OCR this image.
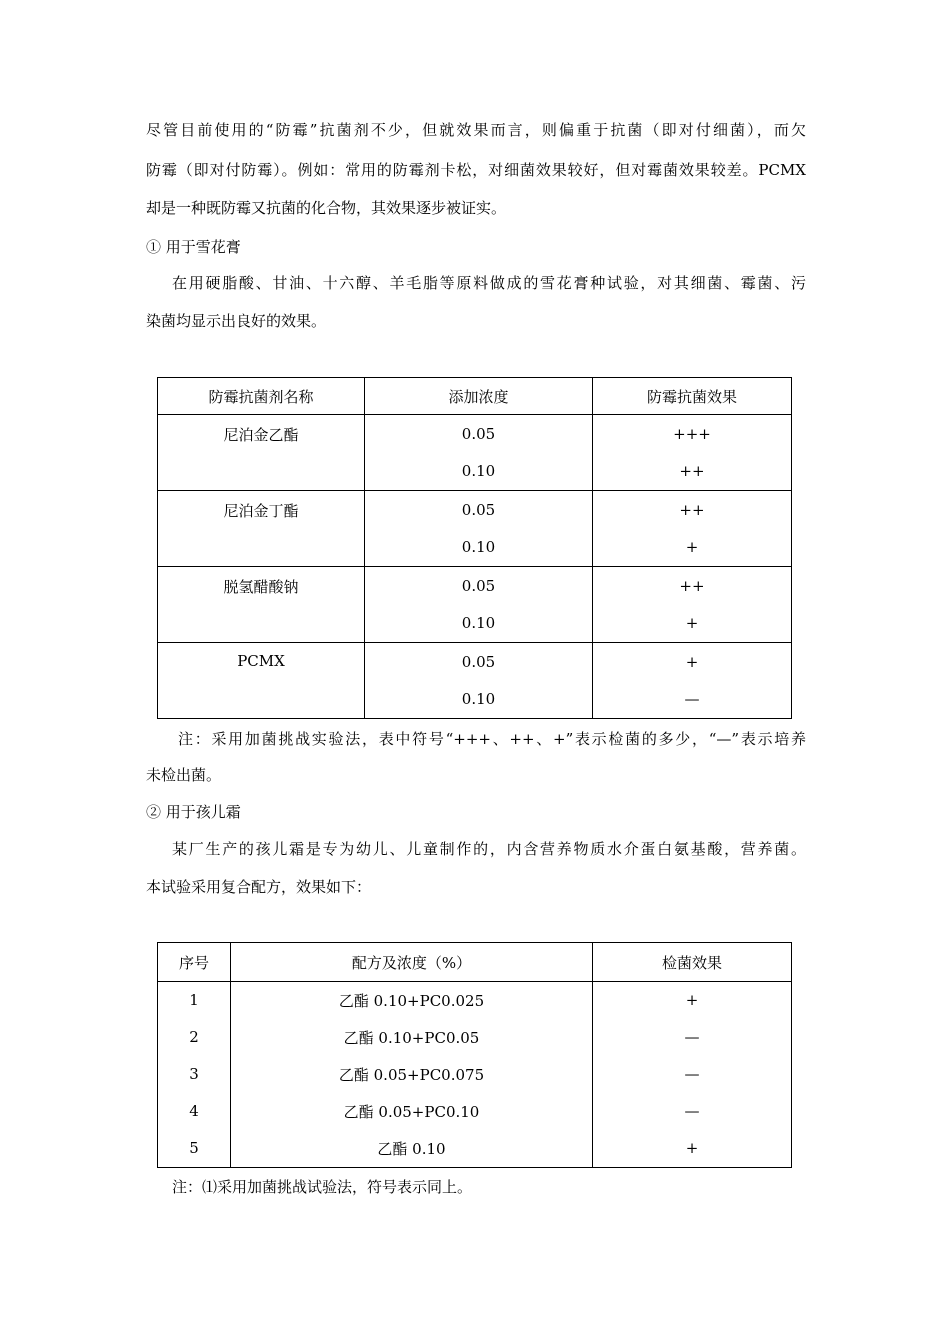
尽管目前使用的“防霉”抗菌剂不少，但就效果而言，则偏重于抗菌（即对付细菌），而欠
防霉（即对付防霉）。例如：常用的防霉剂卡松，对细菌效果较好，但对霉菌效果较差。PCMX
却是一种既防霉又抗菌的化合物，其效果逐步被证实。
① 用于雪花膏
在用硬脂酸、甘油、十六醇、羊毛脂等原料做成的雪花膏种试验，对其细菌、霉菌、污
染菌均显示出良好的效果。
防霉抗菌剂名称	添加浓度	防霉抗菌效果
尼泊金乙酯	0.05	+++
	0.10	++
尼泊金丁酯	0.05	++
	0.10	+
脱氢醋酸钠	0.05	++
	0.10	+
PCMX	0.05	+
	0.10	—
注：采用加菌挑战实验法，表中符号“+++、++、+”表示检菌的多少，“—”表示培养
未检出菌。
② 用于孩儿霜
某厂生产的孩儿霜是专为幼儿、儿童制作的，内含营养物质水介蛋白氨基酸，营养菌。
本试验采用复合配方，效果如下：
序号	配方及浓度（%）	检菌效果
1	乙酯 0.10+PC0.025	+
2	乙酯 0.10+PC0.05	—
3	乙酯 0.05+PC0.075	—
4	乙酯 0.05+PC0.10	—
5	乙酯 0.10	+
注：⑴采用加菌挑战试验法，符号表示同上。
